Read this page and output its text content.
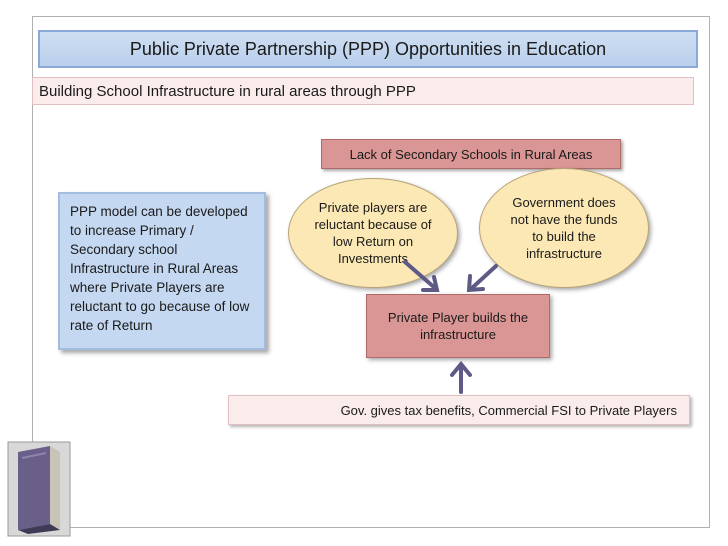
Public Private Partnership (PPP) Opportunities in Education
Building School Infrastructure in rural areas through PPP
Lack of Secondary Schools in Rural Areas
Private players are reluctant because of low Return on Investments
Government does not have the funds to build the infrastructure
PPP model can be developed to increase Primary / Secondary school Infrastructure in Rural Areas where Private Players are reluctant to go because of low rate of Return
Private Player builds the infrastructure
Gov. gives tax benefits, Commercial FSI to Private Players
